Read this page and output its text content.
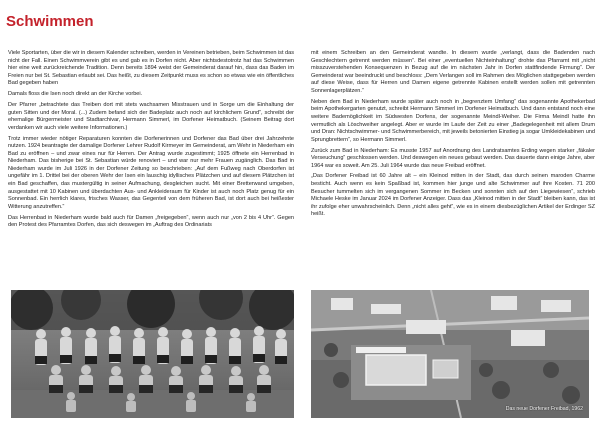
Schwimmen

Viele Sportarten, über die wir in diesem Kalender schreiben, werden in Vereinen betrieben, beim Schwimmen ist das nicht der Fall. Einen Schwimmverein gibt es und gab es in Dorfen nicht. Aber nichtsdestotrotz hat das Schwimmen hier eine weit zurückreichende Tradition. Denn bereits 1894 weist der Gemeinderat darauf hin, dass das Baden im Freien nur bei St. Sebastian erlaubt sei. Das heißt, zu diesem Zeitpunkt muss es schon so etwas wie ein öffentliches Bad gegeben haben

Damals floss die Isen noch direkt an der Kirche vorbei.

Der Pfarrer „betrachtete das Treiben dort mit stets wachsamen Misstrauen und in Sorge um die Einhaltung der guten Sitten und der Moral. (...) Zudem befand sich der Badeplatz auch noch auf kirchlichem Grund“, schreibt der ehemalige Bürgermeister und Stadtarchivar, Hermann Simmerl, im Dorfener Heimatbuch. (Seinem Beitrag dort verdanken wir auch viele weitere Informationen.)

Trotz immer wieder nötiger Reparaturen konnten die Dorfenerinnen und Dorfener das Bad über drei Jahrzehnte nutzen. 1924 beantragte der damalige Dorfener Lehrer Rudolf Kirmeyer im Gemeinderat, am Wehr in Niederham ein Bad zu eröffnen – und zwar eines nur für Herren. Der Antrag wurde zugestimmt; 1925 öffnete ein Herrenbad in Niederham. Das bisherige bei St. Sebastian würde renoviert – und war nur mehr Frauen zugänglich. Das Bad in Niederham wurde im Juli 1926 in der Dorfener Zeitung so beschrieben: „Auf dem Fußweg nach Oberdorfen ist ungefähr im 1. Drittel bei der oberen Wehr der Isen ein lauschig idyllisches Plätzchen und auf diesem Plätzchen ist ein Bad geschaffen, das mustergültig in seiner Aufmachung, desgleichen sucht. Mit einer Bretterwand umgeben, ausgestattet mit 10 Kabinen und überdachten Aus- und Ankleideraum für Kinder ist auch noch Platz genug für ein Sonnenbad. Ein herrlich klares, frisches Wasser, das Gegenteil von dem früheren Bad, ist dort auch bei heißester Witterung anzutreffen.“

Das Herrenbad in Niederham wurde bald auch für Damen „freigegeben“, wenn auch nur „von 2 bis 4 Uhr“. Gegen den Protest des Pfarramtes Dorfen, das sich deswegen im „Auftrag des Ordinariats

mit einem Schreiben an den Gemeinderat wandte. In diesem wurde „verlangt, dass die Badenden nach Geschlechtern getrennt werden müssen“. Bei einer „eventuellen Nichteinhaltung“ drohte das Pfarramt mit „nicht misszuverstehenden Konsequenzen in Bezug auf die im nächsten Jahr in Dorfen stattfindende Firmung“. Der Gemeinderat war beeindruckt und beschloss: „Dem Verlangen soll im Rahmen des Möglichen stattgegeben werden auf diese Weise, dass für Herren und Damen eigene getrennte Kabinen erstellt werden sollen mit getrennten Sonnenlagerplätzen.“

Neben dem Bad in Niederham wurde später auch noch in „begrenztem Umfang“ das sogenannte Apothekerbad beim Apothekergarten genutzt, schreibt Hermann Simmerl im Dorfener Heimatbuch. Und dann entstand noch eine weitere Bademöglichkeit im Südwesten Dorfens, der sogenannte Meindl-Weiher. Die Firma Meindl hatte ihn vermutlich als Löschweiher angelegt. Aber er wurde im Laufe der Zeit zu einer „Badegelegenheit mit allem Drum und Dran: Nichtschwimmer- und Schwimmerbereich, mit jeweils betonierten Einstieg ja sogar Umkleidekabinen und Sprungbrettern“, so Hermann Simmerl.

Zurück zum Bad in Niederham: Es musste 1957 auf Anordnung des Landratsamtes Erding wegen starker „fäkaler Verseuchung“ geschlossen werden. Und deswegen ein neues gebaut werden. Das dauerte dann einige Jahre, aber 1964 war es soweit. Am 25. Juli 1964 wurde das neue Freibad eröffnet.

„Das Dorfener Freibad ist 60 Jahre alt – ein Kleinod mitten in der Stadt, das durch seinen maroden Charme besticht. Auch wenn es kein Spaßbad ist, kommen hier junge und alte Schwimmer auf ihre Kosten. 71 200 Besucher tummelten sich im vergangenen Sommer im Becken und sonnten sich auf den Liegewiesen“, schrieb Michaele Heske im Januar 2024 im Dorfener Anzeiger. Dass das „Kleinod mitten in der Stadt“ bleiben kann, das ist ihr zufolge eher unwahrscheinlich. Denn „nicht alles geht“, wie es in einem diesbezüglichen Artikel der Erdinger SZ heißt.

Das neue Dorfener Freibad, 1962
